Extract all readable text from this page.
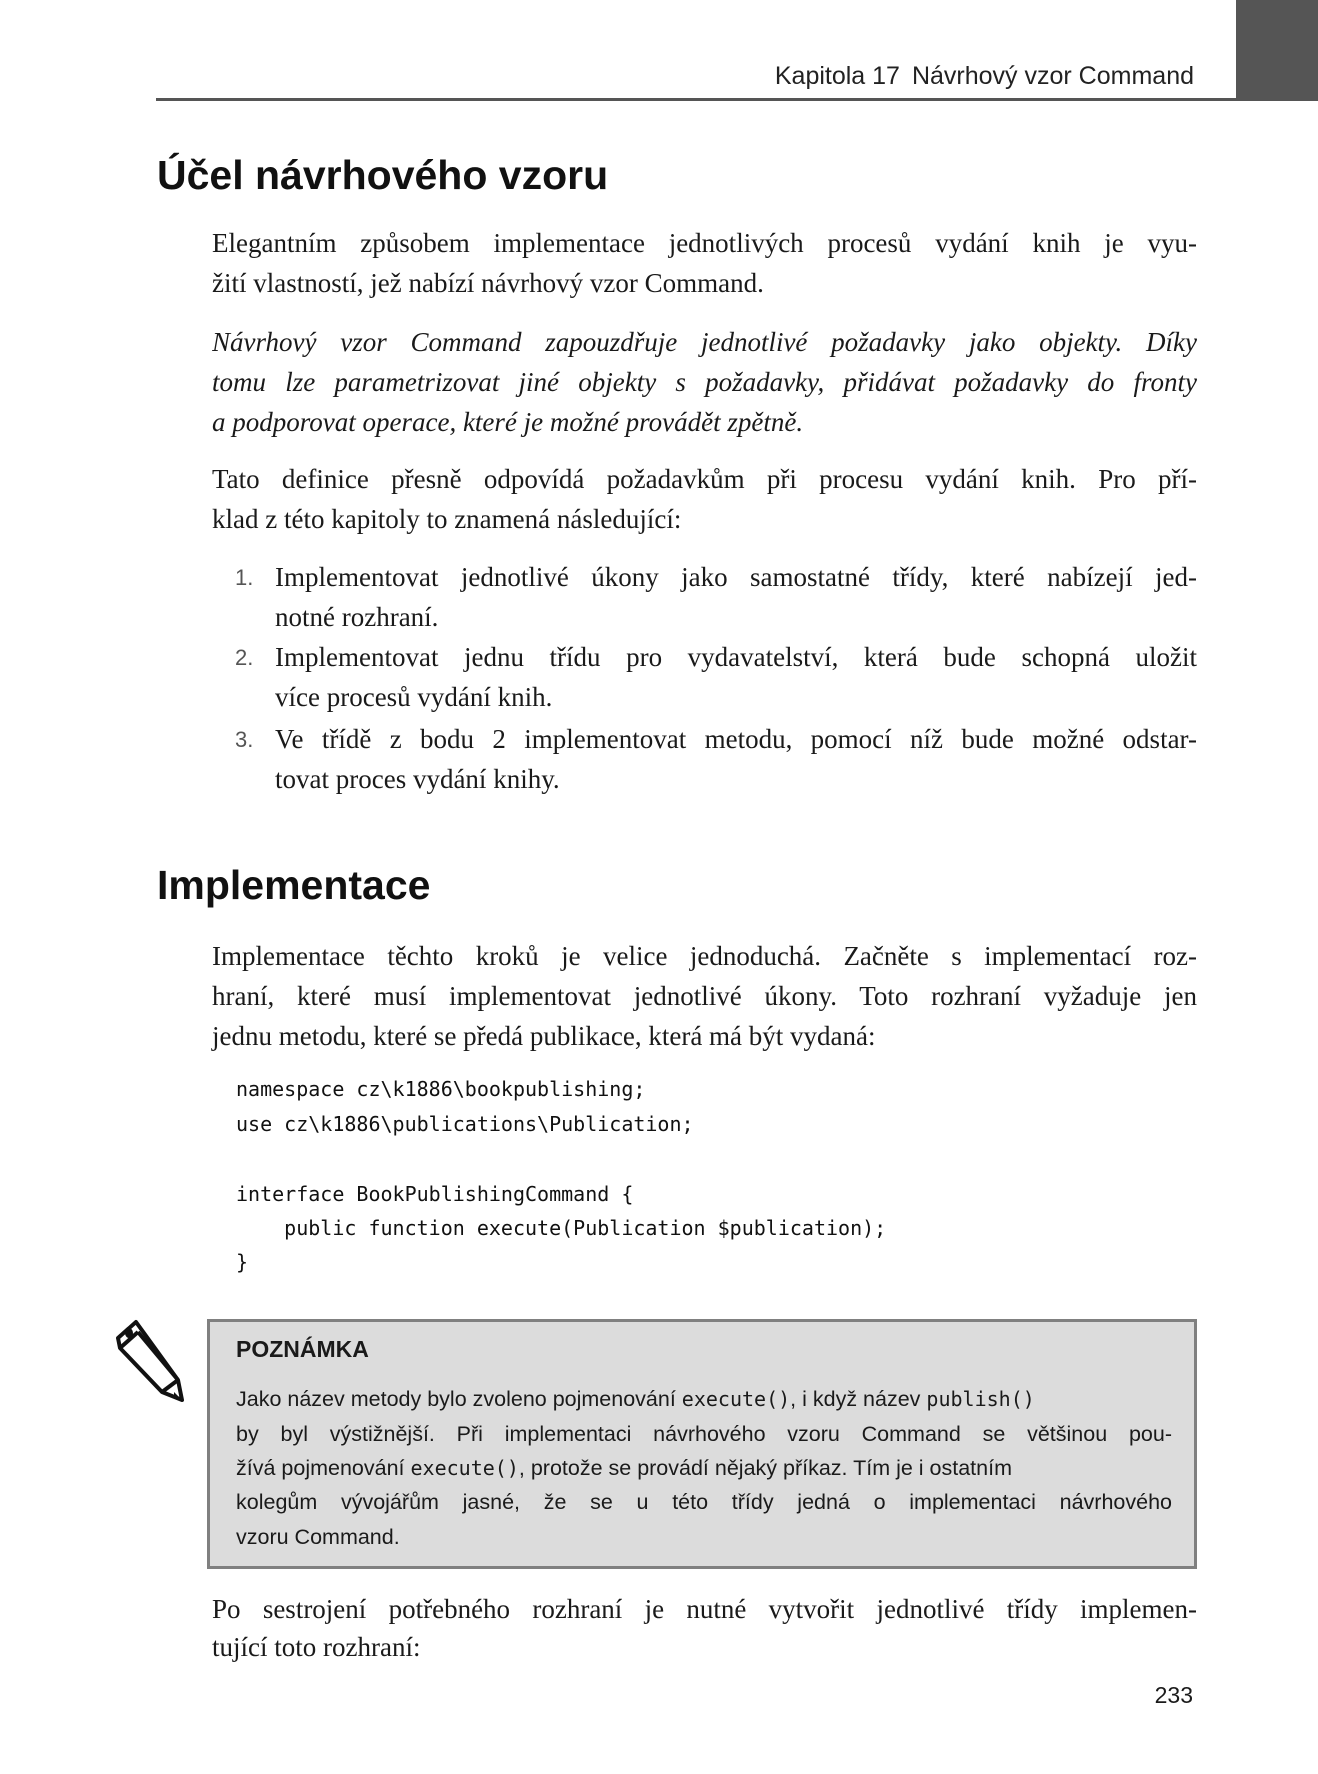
Kapitola 17 Návrhový vzor Command
Účel návrhového vzoru
Elegantním způsobem implementace jednotlivých procesů vydání knih je vyu-
žití vlastností, jež nabízí návrhový vzor Command.
Návrhový vzor Command zapouzdřuje jednotlivé požadavky jako objekty. Díky
tomu lze parametrizovat jiné objekty s požadavky, přidávat požadavky do fronty
a podporovat operace, které je možné provádět zpětně.
Tato definice přesně odpovídá požadavkům při procesu vydání knih. Pro pří-
klad z této kapitoly to znamená následující:
1. Implementovat jednotlivé úkony jako samostatné třídy, které nabízejí jed-
notné rozhraní.
2. Implementovat jednu třídu pro vydavatelství, která bude schopná uložit
více procesů vydání knih.
3. Ve třídě z bodu 2 implementovat metodu, pomocí níž bude možné odstar-
tovat proces vydání knihy.
Implementace
Implementace těchto kroků je velice jednoduchá. Začněte s implementací roz-
hraní, které musí implementovat jednotlivé úkony. Toto rozhraní vyžaduje jen
jednu metodu, které se předá publikace, která má být vydaná:
namespace cz\k1886\bookpublishing;
use cz\k1886\publications\Publication;
interface BookPublishingCommand {
public function execute(Publication $publication);
}
POZNÁMKA
Jako název metody bylo zvoleno pojmenování execute(), i když název publish()
by byl výstižnější. Při implementaci návrhového vzoru Command se většinou pou-
žívá pojmenování execute(), protože se provádí nějaký příkaz. Tím je i ostatním
kolegům vývojářům jasné, že se u této třídy jedná o implementaci návrhového
vzoru Command.
Po sestrojení potřebného rozhraní je nutné vytvořit jednotlivé třídy implemen-
tující toto rozhraní:
233
